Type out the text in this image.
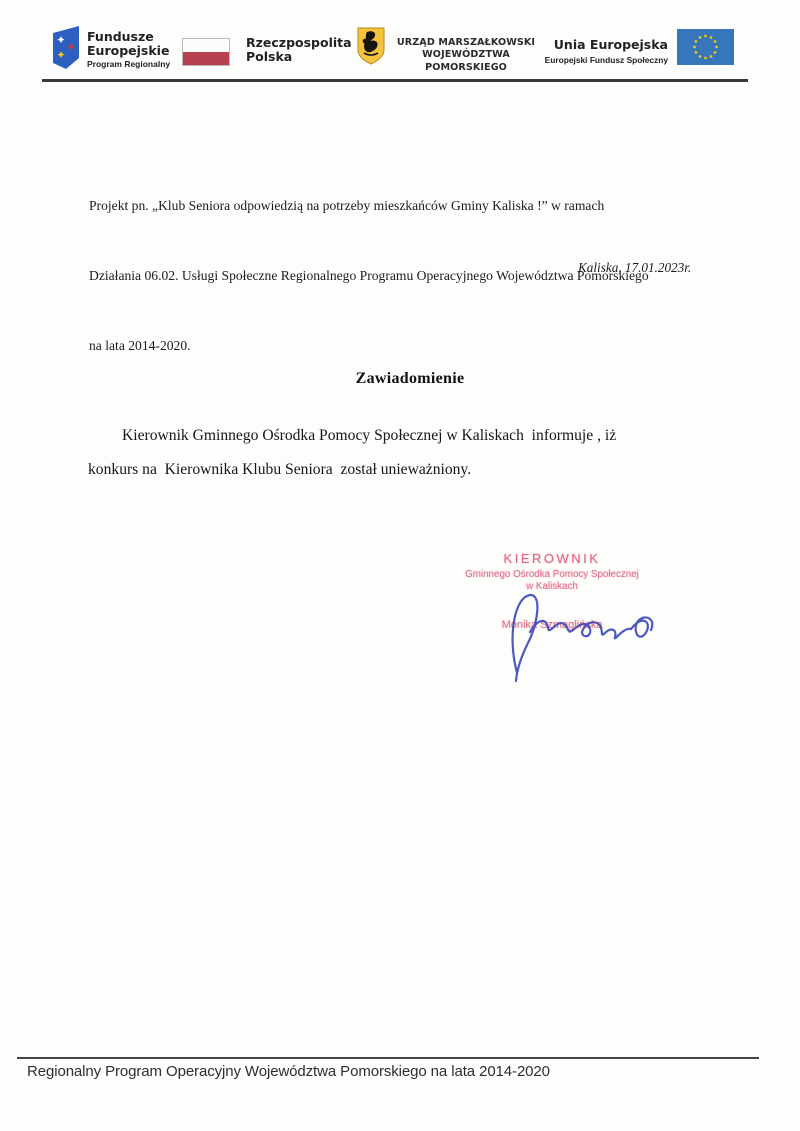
Fundusze
Europejskie
Program Regionalny
Rzeczpospolita
Polska
URZĄD MARSZAŁKOWSKI
WOJEWÓDZTWA POMORSKIEGO
Unia Europejska
Europejski Fundusz Społeczny

Projekt pn. „Klub Seniora odpowiedzią na potrzeby mieszkańców Gminy Kaliska !” w ramach

Działania 06.02. Usługi Społeczne Regionalnego Programu Operacyjnego Województwa Pomorskiego

na lata 2014-2020.

Kaliska, 17.01.2023r.
Zawiadomienie
Kierownik Gminnego Ośrodka Pomocy Społecznej w Kaliskach  informuje , iż
konkurs na  Kierownika Klubu Seniora  został unieważniony.
KIEROWNIK
Gminnego Ośrodka Pomocy Społecznej
w Kaliskach
Monika Szmaglińska
Regionalny Program Operacyjny Województwa Pomorskiego na lata 2014-2020
